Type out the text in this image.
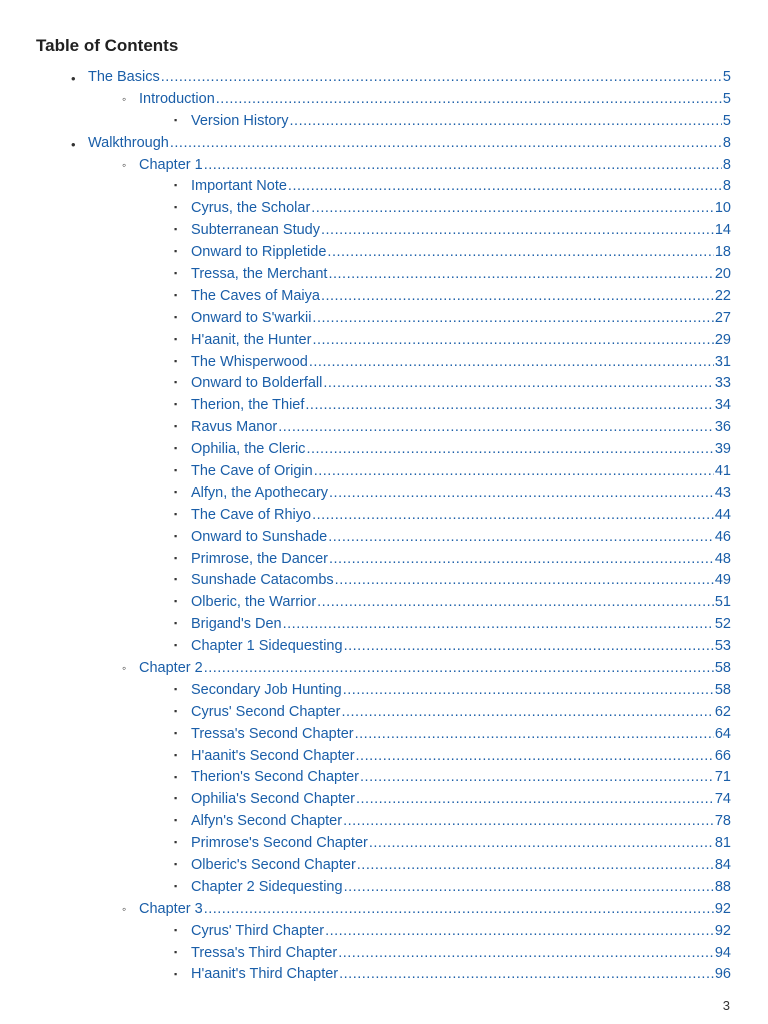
Table of Contents
• The Basics .....	5
◦ Introduction .....	5
▪ Version History .....	5
• Walkthrough .....	8
◦ Chapter 1 .....	8
▪ Important Note .....	8
▪ Cyrus, the Scholar .....	10
▪ Subterranean Study .....	14
▪ Onward to Rippletide .....	18
▪ Tressa, the Merchant .....	20
▪ The Caves of Maiya .....	22
▪ Onward to S'warkii .....	27
▪ H'aanit, the Hunter .....	29
▪ The Whisperwood .....	31
▪ Onward to Bolderfall .....	33
▪ Therion, the Thief .....	34
▪ Ravus Manor .....	36
▪ Ophilia, the Cleric .....	39
▪ The Cave of Origin .....	41
▪ Alfyn, the Apothecary .....	43
▪ The Cave of Rhiyo .....	44
▪ Onward to Sunshade .....	46
▪ Primrose, the Dancer .....	48
▪ Sunshade Catacombs .....	49
▪ Olberic, the Warrior .....	51
▪ Brigand's Den .....	52
▪ Chapter 1 Sidequesting .....	53
◦ Chapter 2 .....	58
▪ Secondary Job Hunting .....	58
▪ Cyrus' Second Chapter .....	62
▪ Tressa's Second Chapter .....	64
▪ H'aanit's Second Chapter .....	66
▪ Therion's Second Chapter .....	71
▪ Ophilia's Second Chapter .....	74
▪ Alfyn's Second Chapter .....	78
▪ Primrose's Second Chapter .....	81
▪ Olberic's Second Chapter .....	84
▪ Chapter 2 Sidequesting .....	88
◦ Chapter 3 .....	92
▪ Cyrus' Third Chapter .....	92
▪ Tressa's Third Chapter .....	94
▪ H'aanit's Third Chapter .....	96
3
